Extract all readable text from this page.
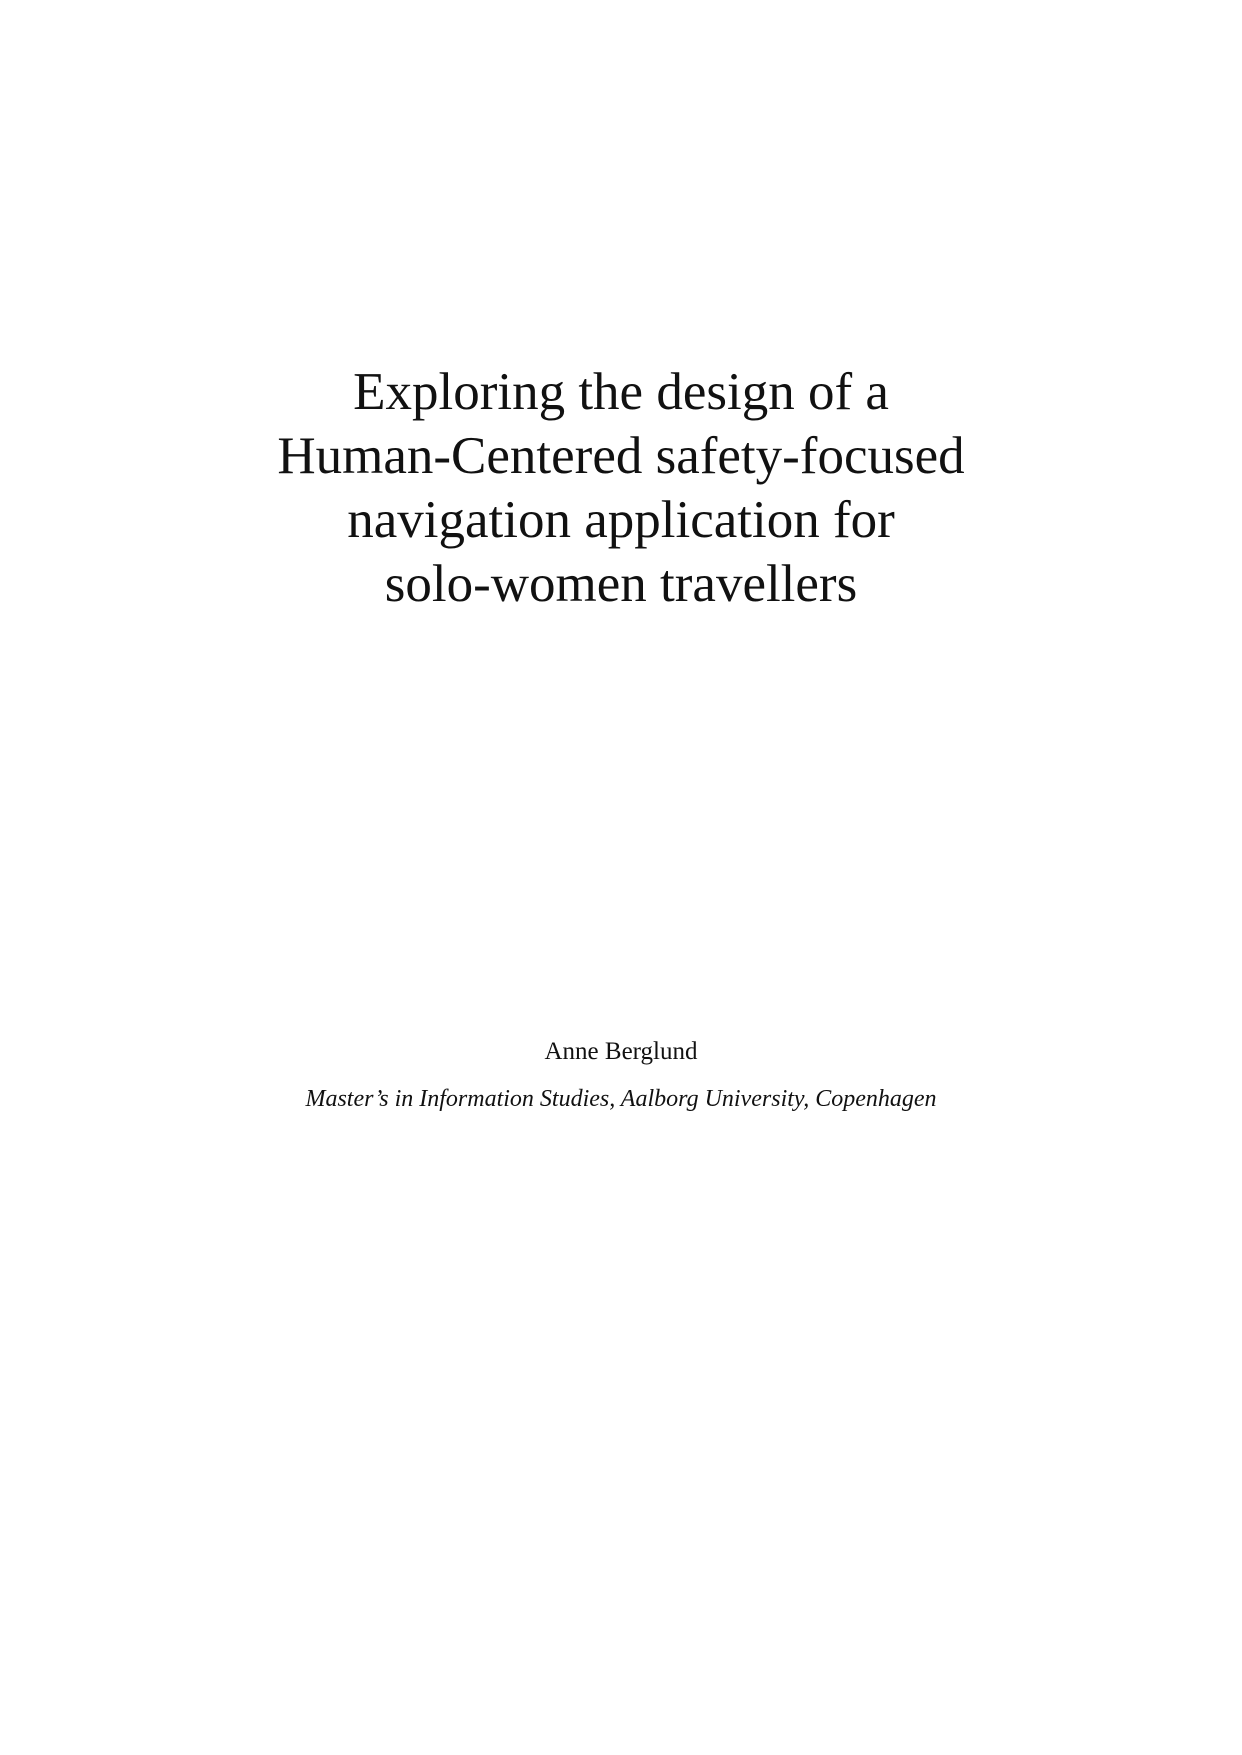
Exploring the design of a
Human-Centered safety-focused
navigation application for
solo-women travellers
Anne Berglund
Master’s in Information Studies, Aalborg University, Copenhagen
